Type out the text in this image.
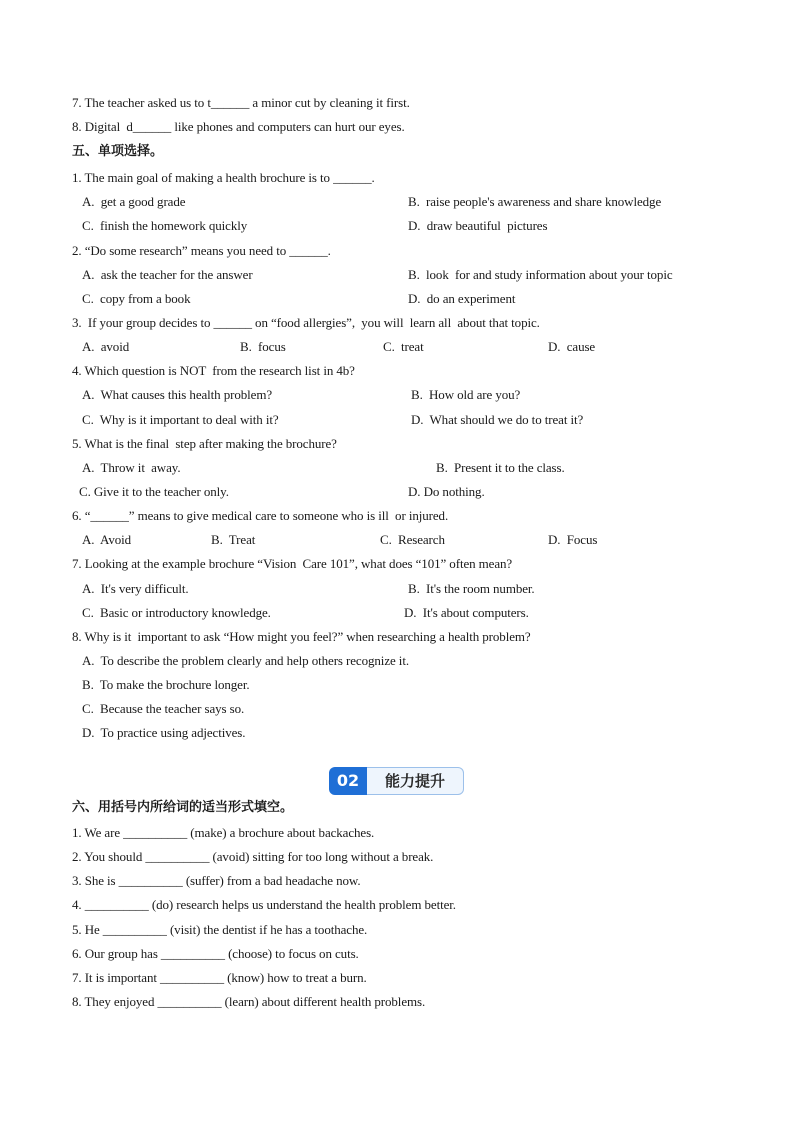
7. The teacher asked us to t______ a minor cut by cleaning it first.
8. Digital  d______ like phones and computers can hurt our eyes.
五、单项选择。
1. The main goal of making a health brochure is to ______.
A.  get a good grade	B.  raise people's awareness and share knowledge
C.  finish the homework quickly	D.  draw beautiful  pictures
2. “Do some research” means you need to ______.
A.  ask the teacher for the answer	B.  look  for and study information about your topic
C.  copy from a book	D.  do an experiment
3.  If your group decides to ______ on “food allergies”,  you will  learn all  about that topic.
A.  avoid	B.  focus	C.  treat	D.  cause
4. Which question is NOT  from the research list in 4b?
A.  What causes this health problem?	B.  How old are you?
C.  Why is it important to deal with it?	D.  What should we do to treat it?
5. What is the final  step after making the brochure?
A.  Throw it  away.	B.  Present it to the class.
C. Give it to the teacher only.	D. Do nothing.
6. “______” means to give medical care to someone who is ill  or injured.
A.  Avoid	B.  Treat	C.  Research	D.  Focus
7. Looking at the example brochure “Vision  Care 101”, what does “101” often mean?
A.  It's very difficult.	B.  It's the room number.
C.  Basic or introductory knowledge.	D.  It's about computers.
8. Why is it  important to ask “How might you feel?” when researching a health problem?
A.  To describe the problem clearly and help others recognize it.
B.  To make the brochure longer.
C.  Because the teacher says so.
D.  To practice using adjectives.
02	能力提升
六、用括号内所给词的适当形式填空。
1. We are __________ (make) a brochure about backaches.
2. You should __________ (avoid) sitting for too long without a break.
3. She is __________ (suffer) from a bad headache now.
4. __________ (do) research helps us understand the health problem better.
5. He __________ (visit) the dentist if he has a toothache.
6. Our group has __________ (choose) to focus on cuts.
7. It is important __________ (know) how to treat a burn.
8. They enjoyed __________ (learn) about different health problems.
